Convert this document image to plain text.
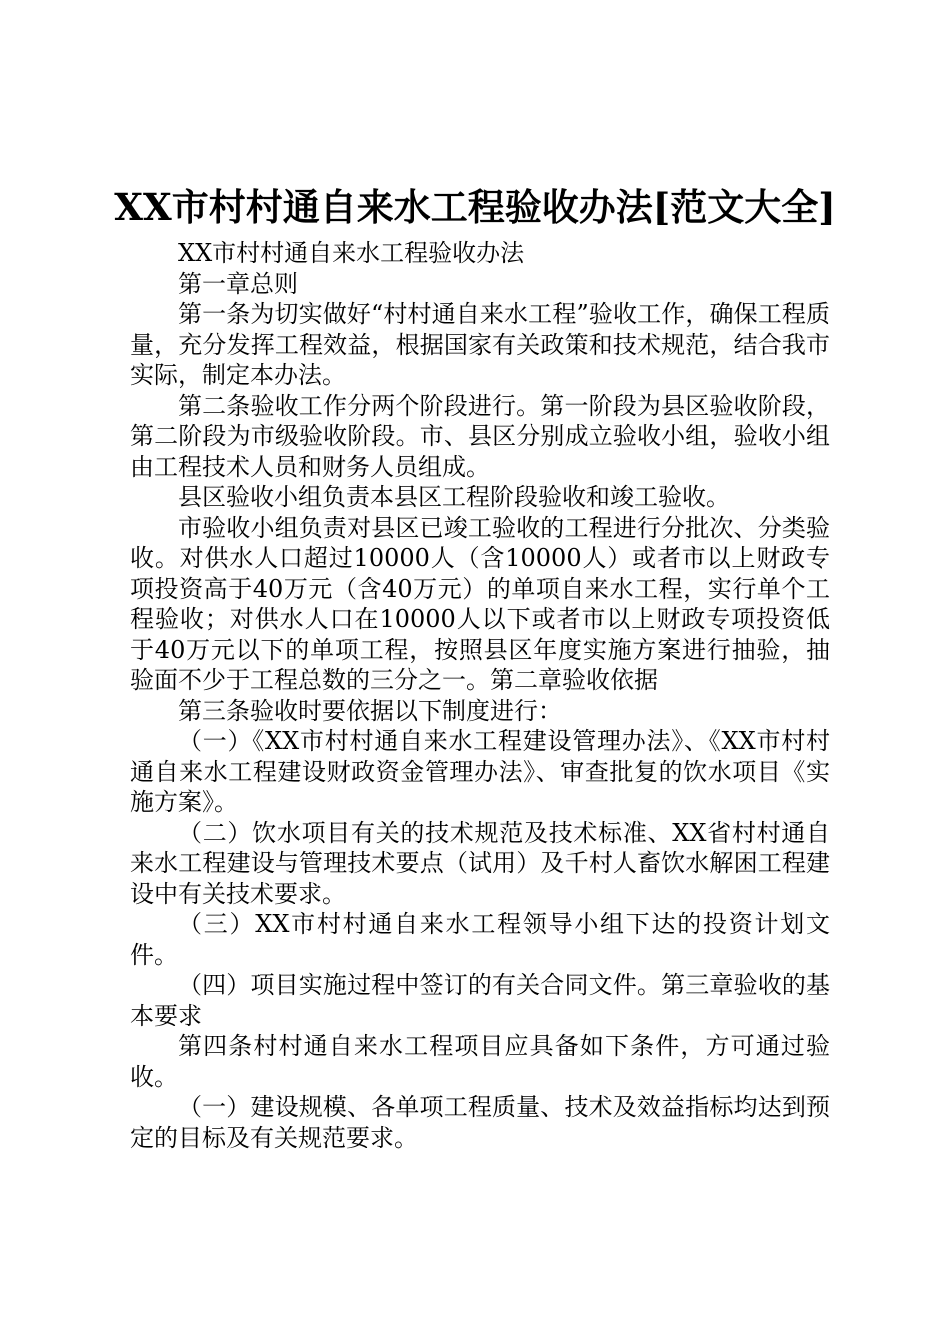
XX市村村通自来水工程验收办法[范文大全]

XX市村村通自来水工程验收办法

第一章总则

第一条为切实做好“村村通自来水工程”验收工作，确保工程质量，充分发挥工程效益，根据国家有关政策和技术规范，结合我市实际，制定本办法。

第二条验收工作分两个阶段进行。第一阶段为县区验收阶段，第二阶段为市级验收阶段。市、县区分别成立验收小组，验收小组由工程技术人员和财务人员组成。

县区验收小组负责本县区工程阶段验收和竣工验收。

市验收小组负责对县区已竣工验收的工程进行分批次、分类验收。对供水人口超过10000人（含10000人）或者市以上财政专项投资高于40万元（含40万元）的单项自来水工程，实行单个工程验收；对供水人口在10000人以下或者市以上财政专项投资低于40万元以下的单项工程，按照县区年度实施方案进行抽验，抽验面不少于工程总数的三分之一。第二章验收依据

第三条验收时要依据以下制度进行：

（一）《XX市村村通自来水工程建设管理办法》、《XX市村村通自来水工程建设财政资金管理办法》、审查批复的饮水项目《实施方案》。

（二）饮水项目有关的技术规范及技术标准、XX省村村通自来水工程建设与管理技术要点（试用）及千村人畜饮水解困工程建设中有关技术要求。

（三）XX市村村通自来水工程领导小组下达的投资计划文件。

（四）项目实施过程中签订的有关合同文件。第三章验收的基本要求

第四条村村通自来水工程项目应具备如下条件，方可通过验收。

（一）建设规模、各单项工程质量、技术及效益指标均达到预定的目标及有关规范要求。
